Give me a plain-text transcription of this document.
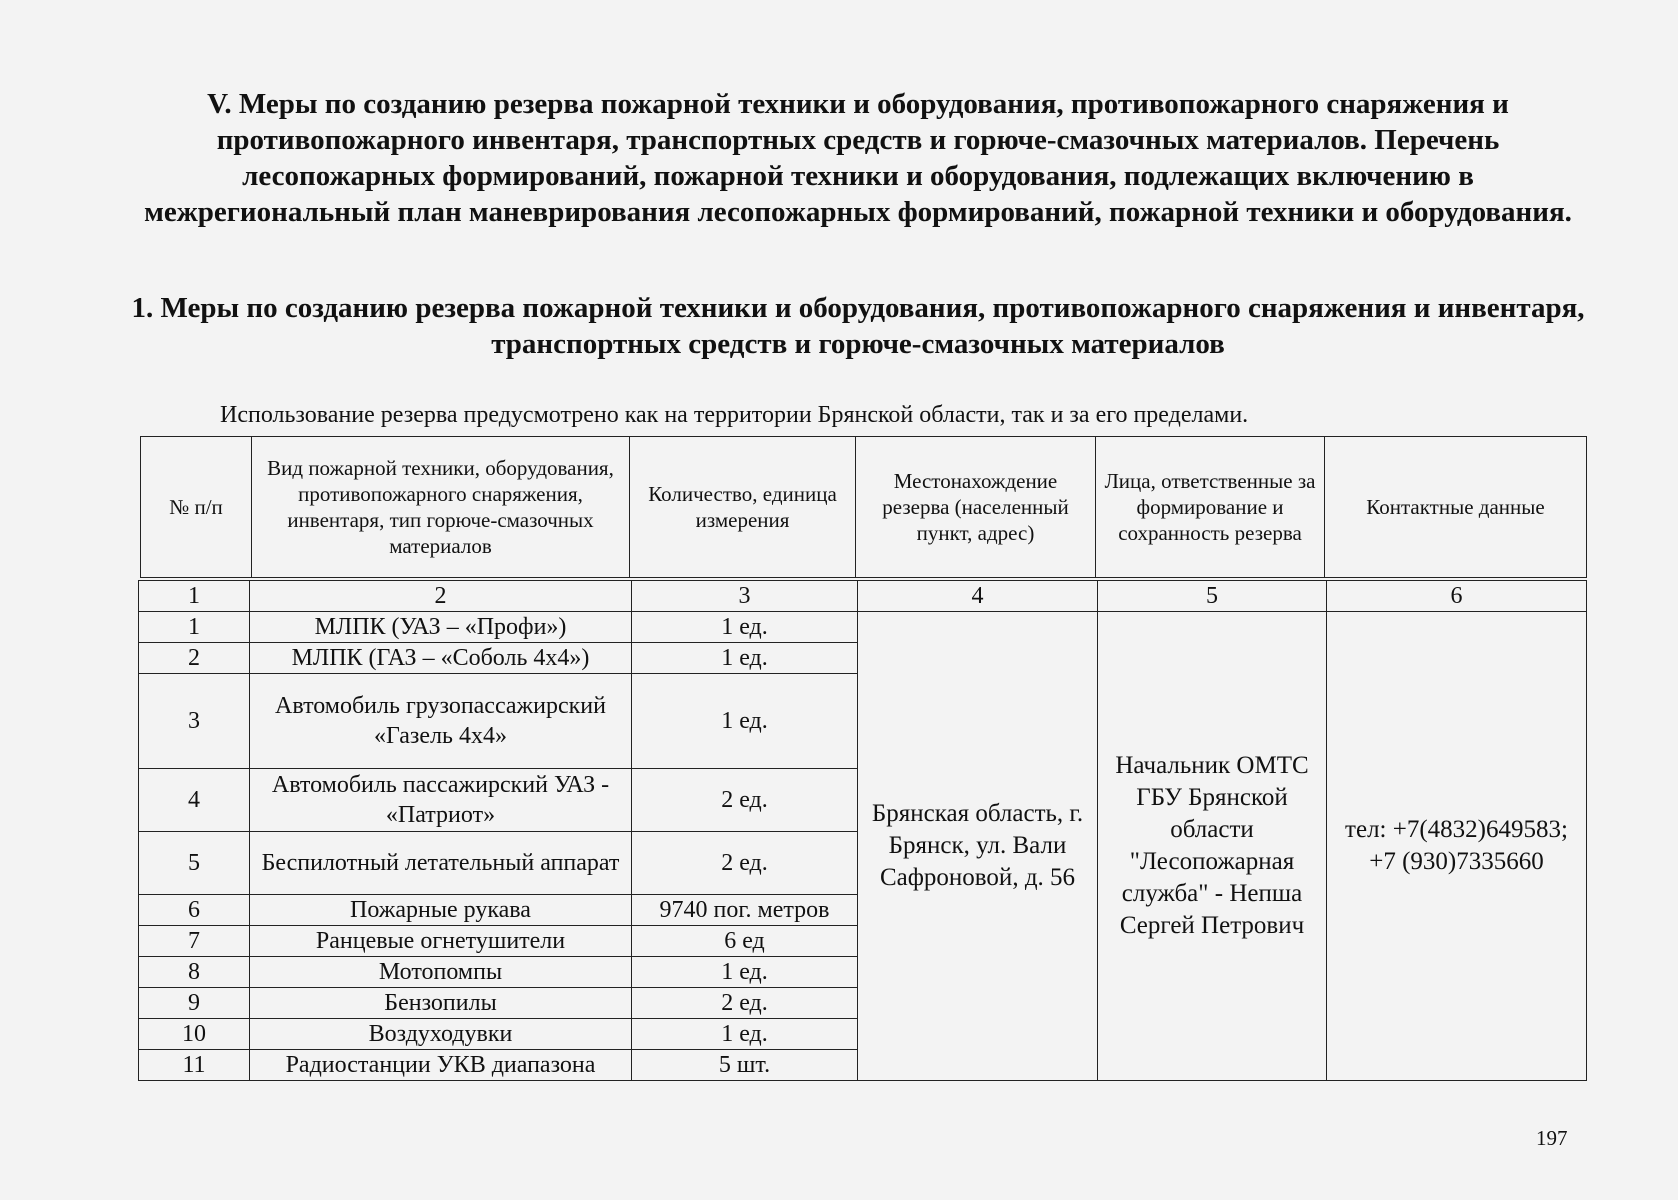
V. Меры по созданию резерва пожарной техники и оборудования, противопожарного снаряжения и противопожарного инвентаря, транспортных средств и горюче-смазочных материалов. Перечень лесопожарных формирований, пожарной техники и оборудования, подлежащих включению в межрегиональный план маневрирования лесопожарных формирований, пожарной техники и оборудования.
1. Меры по созданию резерва пожарной техники и оборудования, противопожарного снаряжения и инвентаря, транспортных средств и горюче-смазочных материалов

Использование резерва предусмотрено как на территории Брянской области, так и за его пределами.

№ п/п	Вид пожарной техники, оборудования, противопожарного снаряжения, инвентаря, тип горюче-смазочных материалов	Количество, единица измерения	Местонахождение резерва (населенный пункт, адрес)	Лица, ответственные за формирование и сохранность резерва	Контактные данные
1	2	3	4	5	6
1	МЛПК (УАЗ – «Профи»)	1 ед.	Брянская область, г. Брянск, ул. Вали Сафроновой, д. 56	Начальник ОМТС ГБУ Брянской области "Лесопожарная служба" - Непша Сергей Петрович	тел: +7(4832)649583; +7 (930)7335660
2	МЛПК (ГАЗ – «Соболь 4х4»)	1 ед.			
3	Автомобиль грузопассажирский «Газель 4х4»	1 ед.			
4	Автомобиль пассажирский УАЗ - «Патриот»	2 ед.			
5	Беспилотный летательный аппарат	2 ед.			
6	Пожарные рукава	9740 пог. метров			
7	Ранцевые огнетушители	6 ед			
8	Мотопомпы	1 ед.			
9	Бензопилы	2 ед.			
10	Воздуходувки	1 ед.			
11	Радиостанции УКВ диапазона	5 шт.			
197
